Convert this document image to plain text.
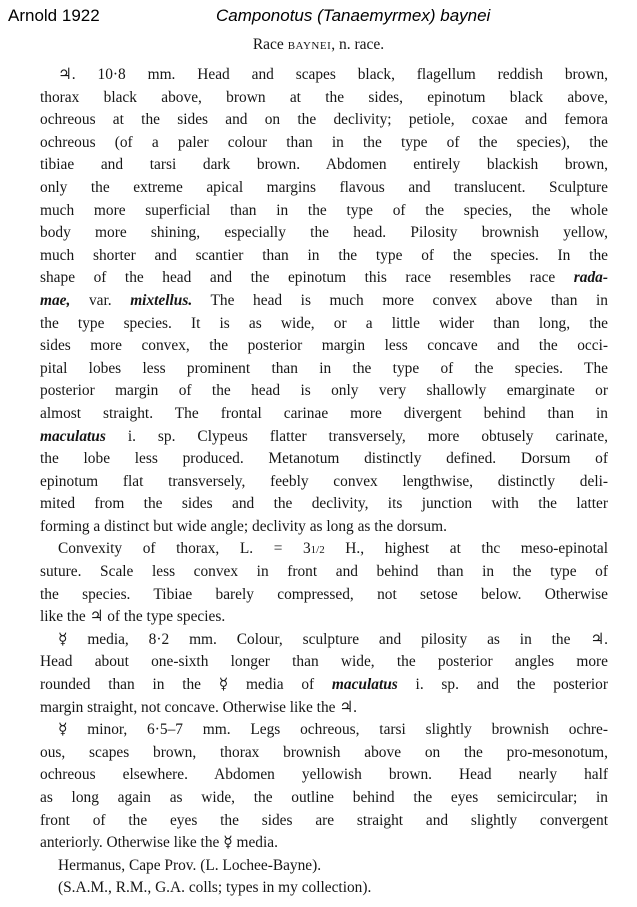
Arnold 1922	Camponotus (Tanaemyrmex) baynei
Race baynei, n. race.
♃. 10·8 mm. Head and scapes black, flagellum reddish brown,
thorax black above, brown at the sides, epinotum black above,
ochreous at the sides and on the declivity; petiole, coxae and femora
ochreous (of a paler colour than in the type of the species), the
tibiae and tarsi dark brown. Abdomen entirely blackish brown,
only the extreme apical margins flavous and translucent. Sculpture
much more superficial than in the type of the species, the whole
body more shining, especially the head. Pilosity brownish yellow,
much shorter and scantier than in the type of the species. In the
shape of the head and the epinotum this race resembles race rada-
mae, var. mixtellus. The head is much more convex above than in
the type species. It is as wide, or a little wider than long, the
sides more convex, the posterior margin less concave and the occi-
pital lobes less prominent than in the type of the species. The
posterior margin of the head is only very shallowly emarginate or
almost straight. The frontal carinae more divergent behind than in
maculatus i. sp. Clypeus flatter transversely, more obtusely carinate,
the lobe less produced. Metanotum distinctly defined. Dorsum of
epinotum flat transversely, feebly convex lengthwise, distinctly deli-
mited from the sides and the declivity, its junction with the latter
forming a distinct but wide angle; declivity as long as the dorsum.
Convexity of thorax, L. = 31/2 H., highest at thc meso-epinotal
suture. Scale less convex in front and behind than in the type of
the species. Tibiae barely compressed, not setose below. Otherwise
like the ♃ of the type species.
☿ media, 8·2 mm. Colour, sculpture and pilosity as in the ♃.
Head about one-sixth longer than wide, the posterior angles more
rounded than in the ☿ media of maculatus i. sp. and the posterior
margin straight, not concave. Otherwise like the ♃.
☿ minor, 6·5–7 mm. Legs ochreous, tarsi slightly brownish ochre-
ous, scapes brown, thorax brownish above on the pro-mesonotum,
ochreous elsewhere. Abdomen yellowish brown. Head nearly half
as long again as wide, the outline behind the eyes semicircular; in
front of the eyes the sides are straight and slightly convergent
anteriorly. Otherwise like the ☿ media.
Hermanus, Cape Prov. (L. Lochee-Bayne).
(S.A.M., R.M., G.A. colls; types in my collection).
